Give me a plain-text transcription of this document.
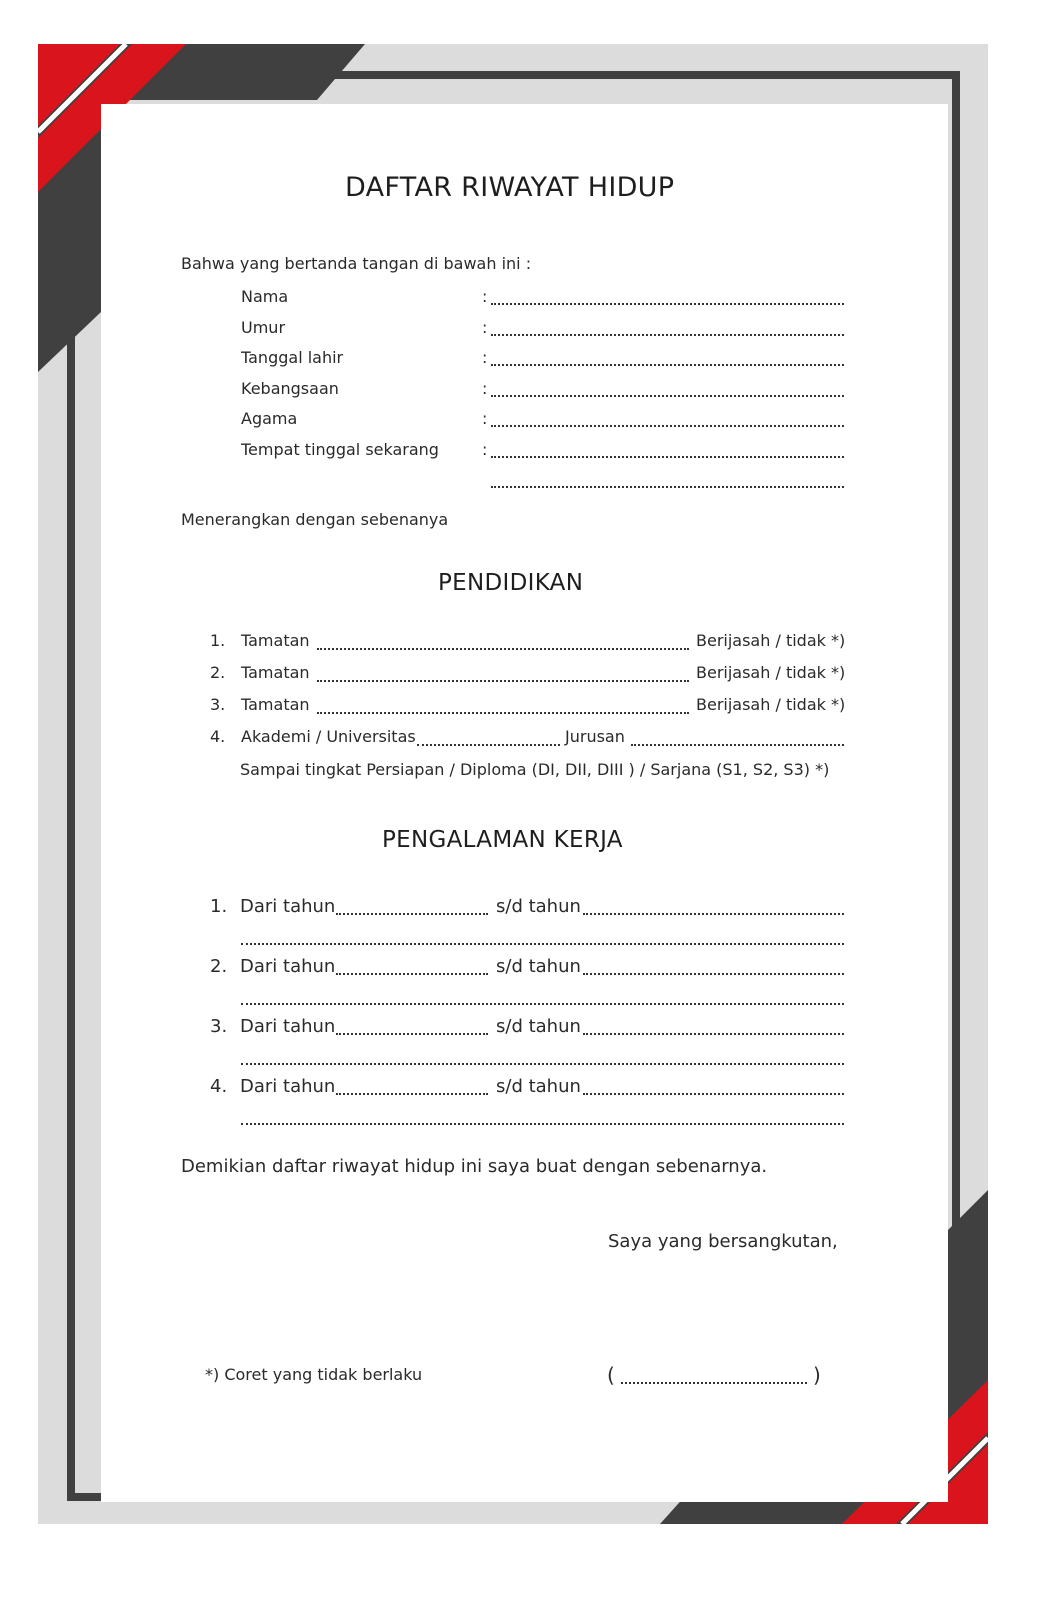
DAFTAR RIWAYAT HIDUP
Bahwa yang bertanda tangan di bawah ini :
Nama	:
Umur	:
Tanggal lahir	:
Kebangsaan	:
Agama	:
Tempat tinggal sekarang	:
Menerangkan dengan sebenanya
PENDIDIKAN
1. Tamatan	Berijasah / tidak *)
2. Tamatan	Berijasah / tidak *)
3. Tamatan	Berijasah / tidak *)
4. Akademi / Universitas	Jurusan
Sampai tingkat Persiapan / Diploma (DI, DII, DIII ) / Sarjana (S1, S2, S3) *)
PENGALAMAN KERJA
1. Dari tahun	s/d tahun
2. Dari tahun	s/d tahun
3. Dari tahun	s/d tahun
4. Dari tahun	s/d tahun
Demikian daftar riwayat hidup ini saya buat dengan sebenarnya.
Saya yang bersangkutan,
*) Coret yang tidak berlaku	(	)
